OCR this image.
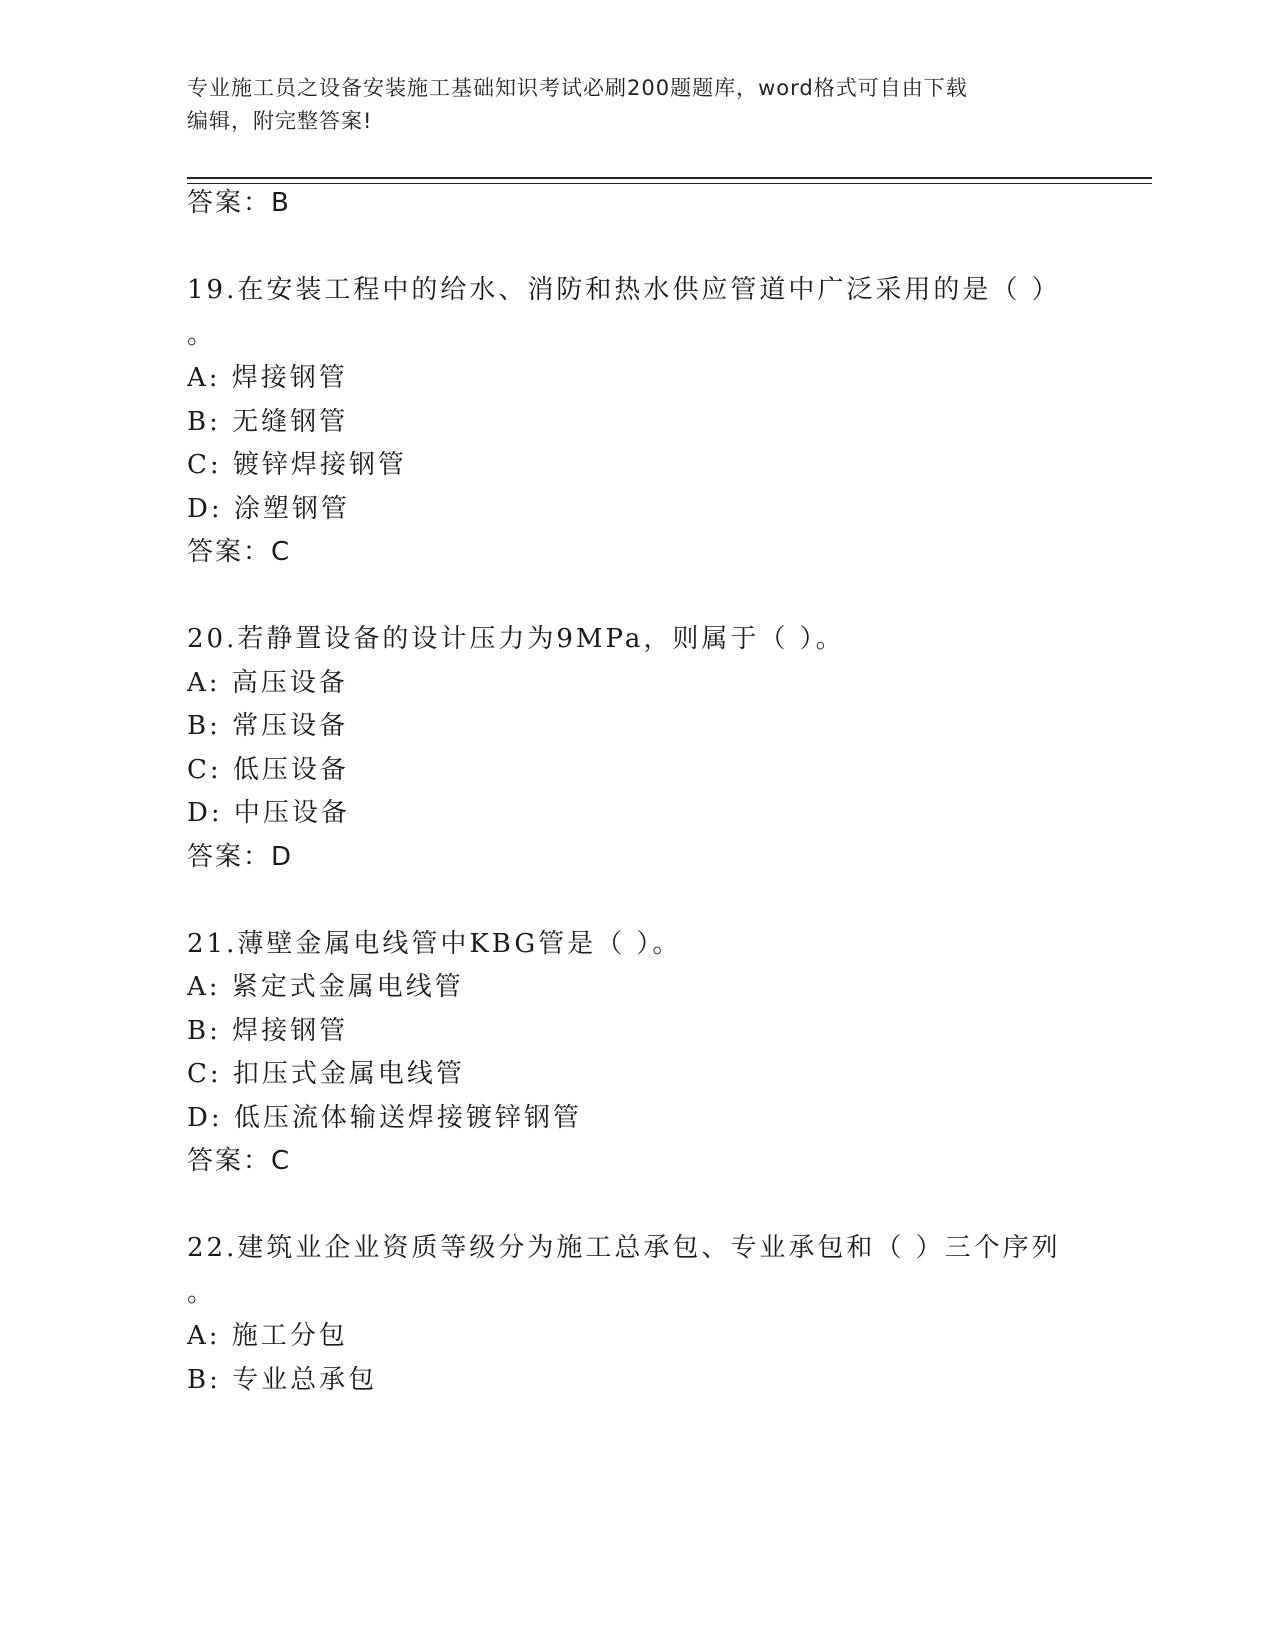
专业施工员之设备安装施工基础知识考试必刷200题题库，word格式可自由下载
编辑，附完整答案!
答案：B
19.在安装工程中的给水、消防和热水供应管道中广泛采用的是（ ）
。
A: 焊接钢管
B: 无缝钢管
C: 镀锌焊接钢管
D: 涂塑钢管
答案：C
20.若静置设备的设计压力为9MPa，则属于（ ）。
A: 高压设备
B: 常压设备
C: 低压设备
D: 中压设备
答案：D
21.薄壁金属电线管中KBG管是（ ）。
A: 紧定式金属电线管
B: 焊接钢管
C: 扣压式金属电线管
D: 低压流体输送焊接镀锌钢管
答案：C
22.建筑业企业资质等级分为施工总承包、专业承包和（ ）三个序列
。
A: 施工分包
B: 专业总承包
